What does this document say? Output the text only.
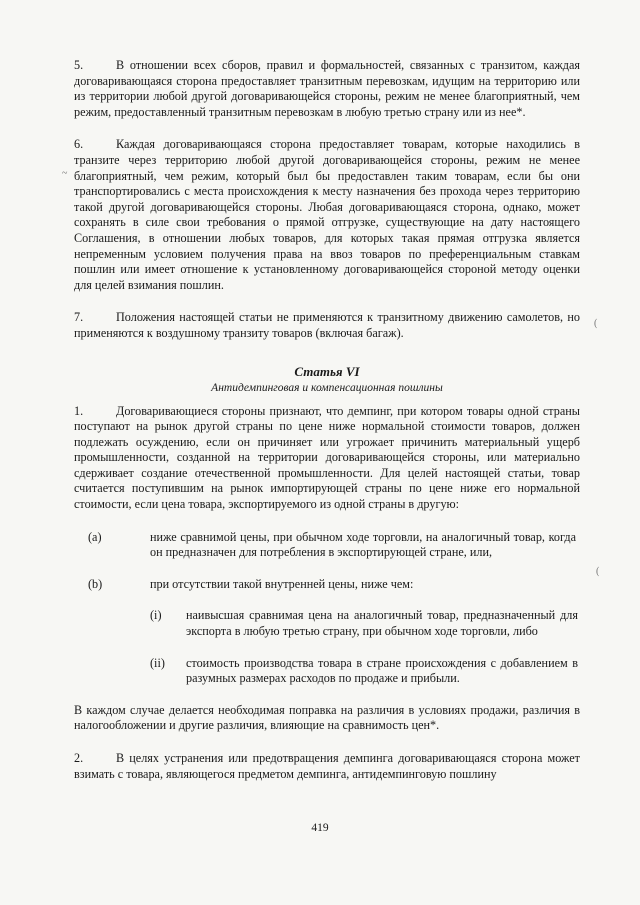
5.	В отношении всех сборов, правил и формальностей, связанных с транзитом, каждая договаривающаяся сторона предоставляет транзитным перевозкам, идущим на территорию или из территории любой другой договаривающейся стороны, режим не менее благоприятный, чем режим, предоставленный транзитным перевозкам в любую третью страну или из нее*.

6.	Каждая договаривающаяся сторона предоставляет товарам, которые находились в транзите через территорию любой другой договаривающейся стороны, режим не менее благоприятный, чем режим, который был бы предоставлен таким товарам, если бы они транспортировались с места происхождения к месту назначения без прохода через территорию такой другой договаривающейся стороны. Любая договаривающаяся сторона, однако, может сохранять в силе свои требования о прямой отгрузке, существующие на дату настоящего Соглашения, в отношении любых товаров, для которых такая прямая отгрузка является непременным условием получения права на ввоз товаров по преференциальным ставкам пошлин или имеет отношение к установленному договаривающейся стороной методу оценки для целей взимания пошлин.

7.	Положения настоящей статьи не применяются к транзитному движению самолетов, но применяются к воздушному транзиту товаров (включая багаж).

Статья VI
Антидемпинговая и компенсационная пошлины

1.	Договаривающиеся стороны признают, что демпинг, при котором товары одной страны поступают на рынок другой страны по цене ниже нормальной стоимости товаров, должен подлежать осуждению, если он причиняет или угрожает причинить материальный ущерб промышленности, созданной на территории договаривающейся стороны, или материально сдерживает создание отечественной промышленности. Для целей настоящей статьи, товар считается поступившим на рынок импортирующей страны по цене ниже его нормальной стоимости, если цена товара, экспортируемого из одной страны в другую:

(a)	ниже сравнимой цены, при обычном ходе торговли, на аналогичный товар, когда он предназначен для потребления в экспортирующей стране, или,
(b)	при отсутствии такой внутренней цены, ниже чем:
(i)	наивысшая сравнимая цена на аналогичный товар, предназначенный для экспорта в любую третью страну, при обычном ходе торговли, либо
(ii)	стоимость производства товара в стране происхождения с добавлением в разумных размерах расходов по продаже и прибыли.

В каждом случае делается необходимая поправка на различия в условиях продажи, различия в налогообложении и другие различия, влияющие на сравнимость цен*.

2.	В целях устранения или предотвращения демпинга договаривающаяся сторона может взимать с товара, являющегося предметом демпинга, антидемпинговую пошлину

419
~
(
(
